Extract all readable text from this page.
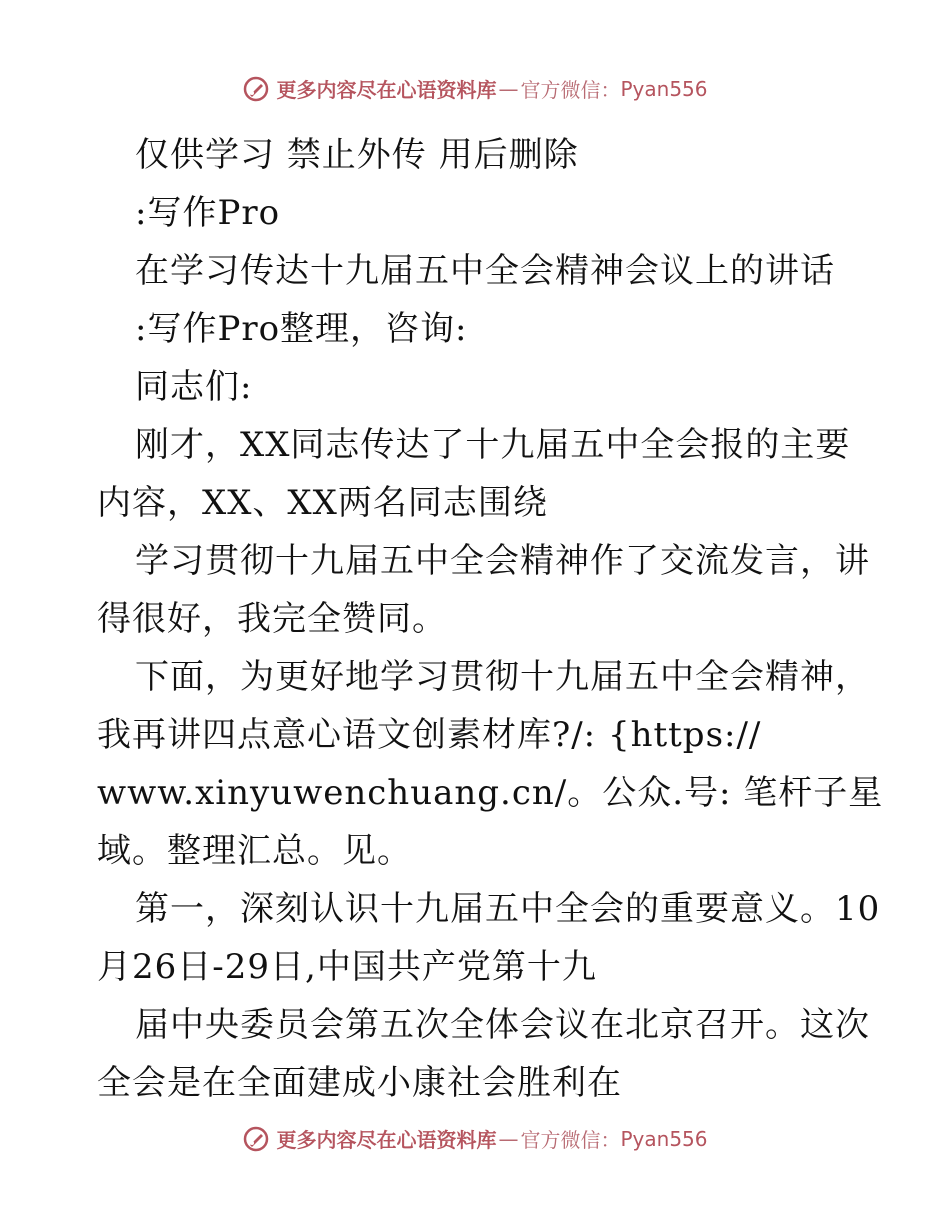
更多内容尽在心语资料库 — 官方微信： Pyan556
仅供学习 禁止外传 用后删除
:写作Pro
在学习传达十九届五中全会精神会议上的讲话
:写作Pro整理，咨询:
同志们:
刚才，XX同志传达了十九届五中全会报的主要
内容，XX、XX两名同志围绕
学习贯彻十九届五中全会精神作了交流发言，讲
得很好，我完全赞同。
下面，为更好地学习贯彻十九届五中全会精神，
我再讲四点意心语文创素材库?/: {https://
www.xinyuwenchuang.cn/。公众.号: 笔杆子星
域。整理汇总。见。
第一，深刻认识十九届五中全会的重要意义。10
月26日-29日,中国共产党第十九
届中央委员会第五次全体会议在北京召开。这次
全会是在全面建成小康社会胜利在
更多内容尽在心语资料库 — 官方微信： Pyan556
